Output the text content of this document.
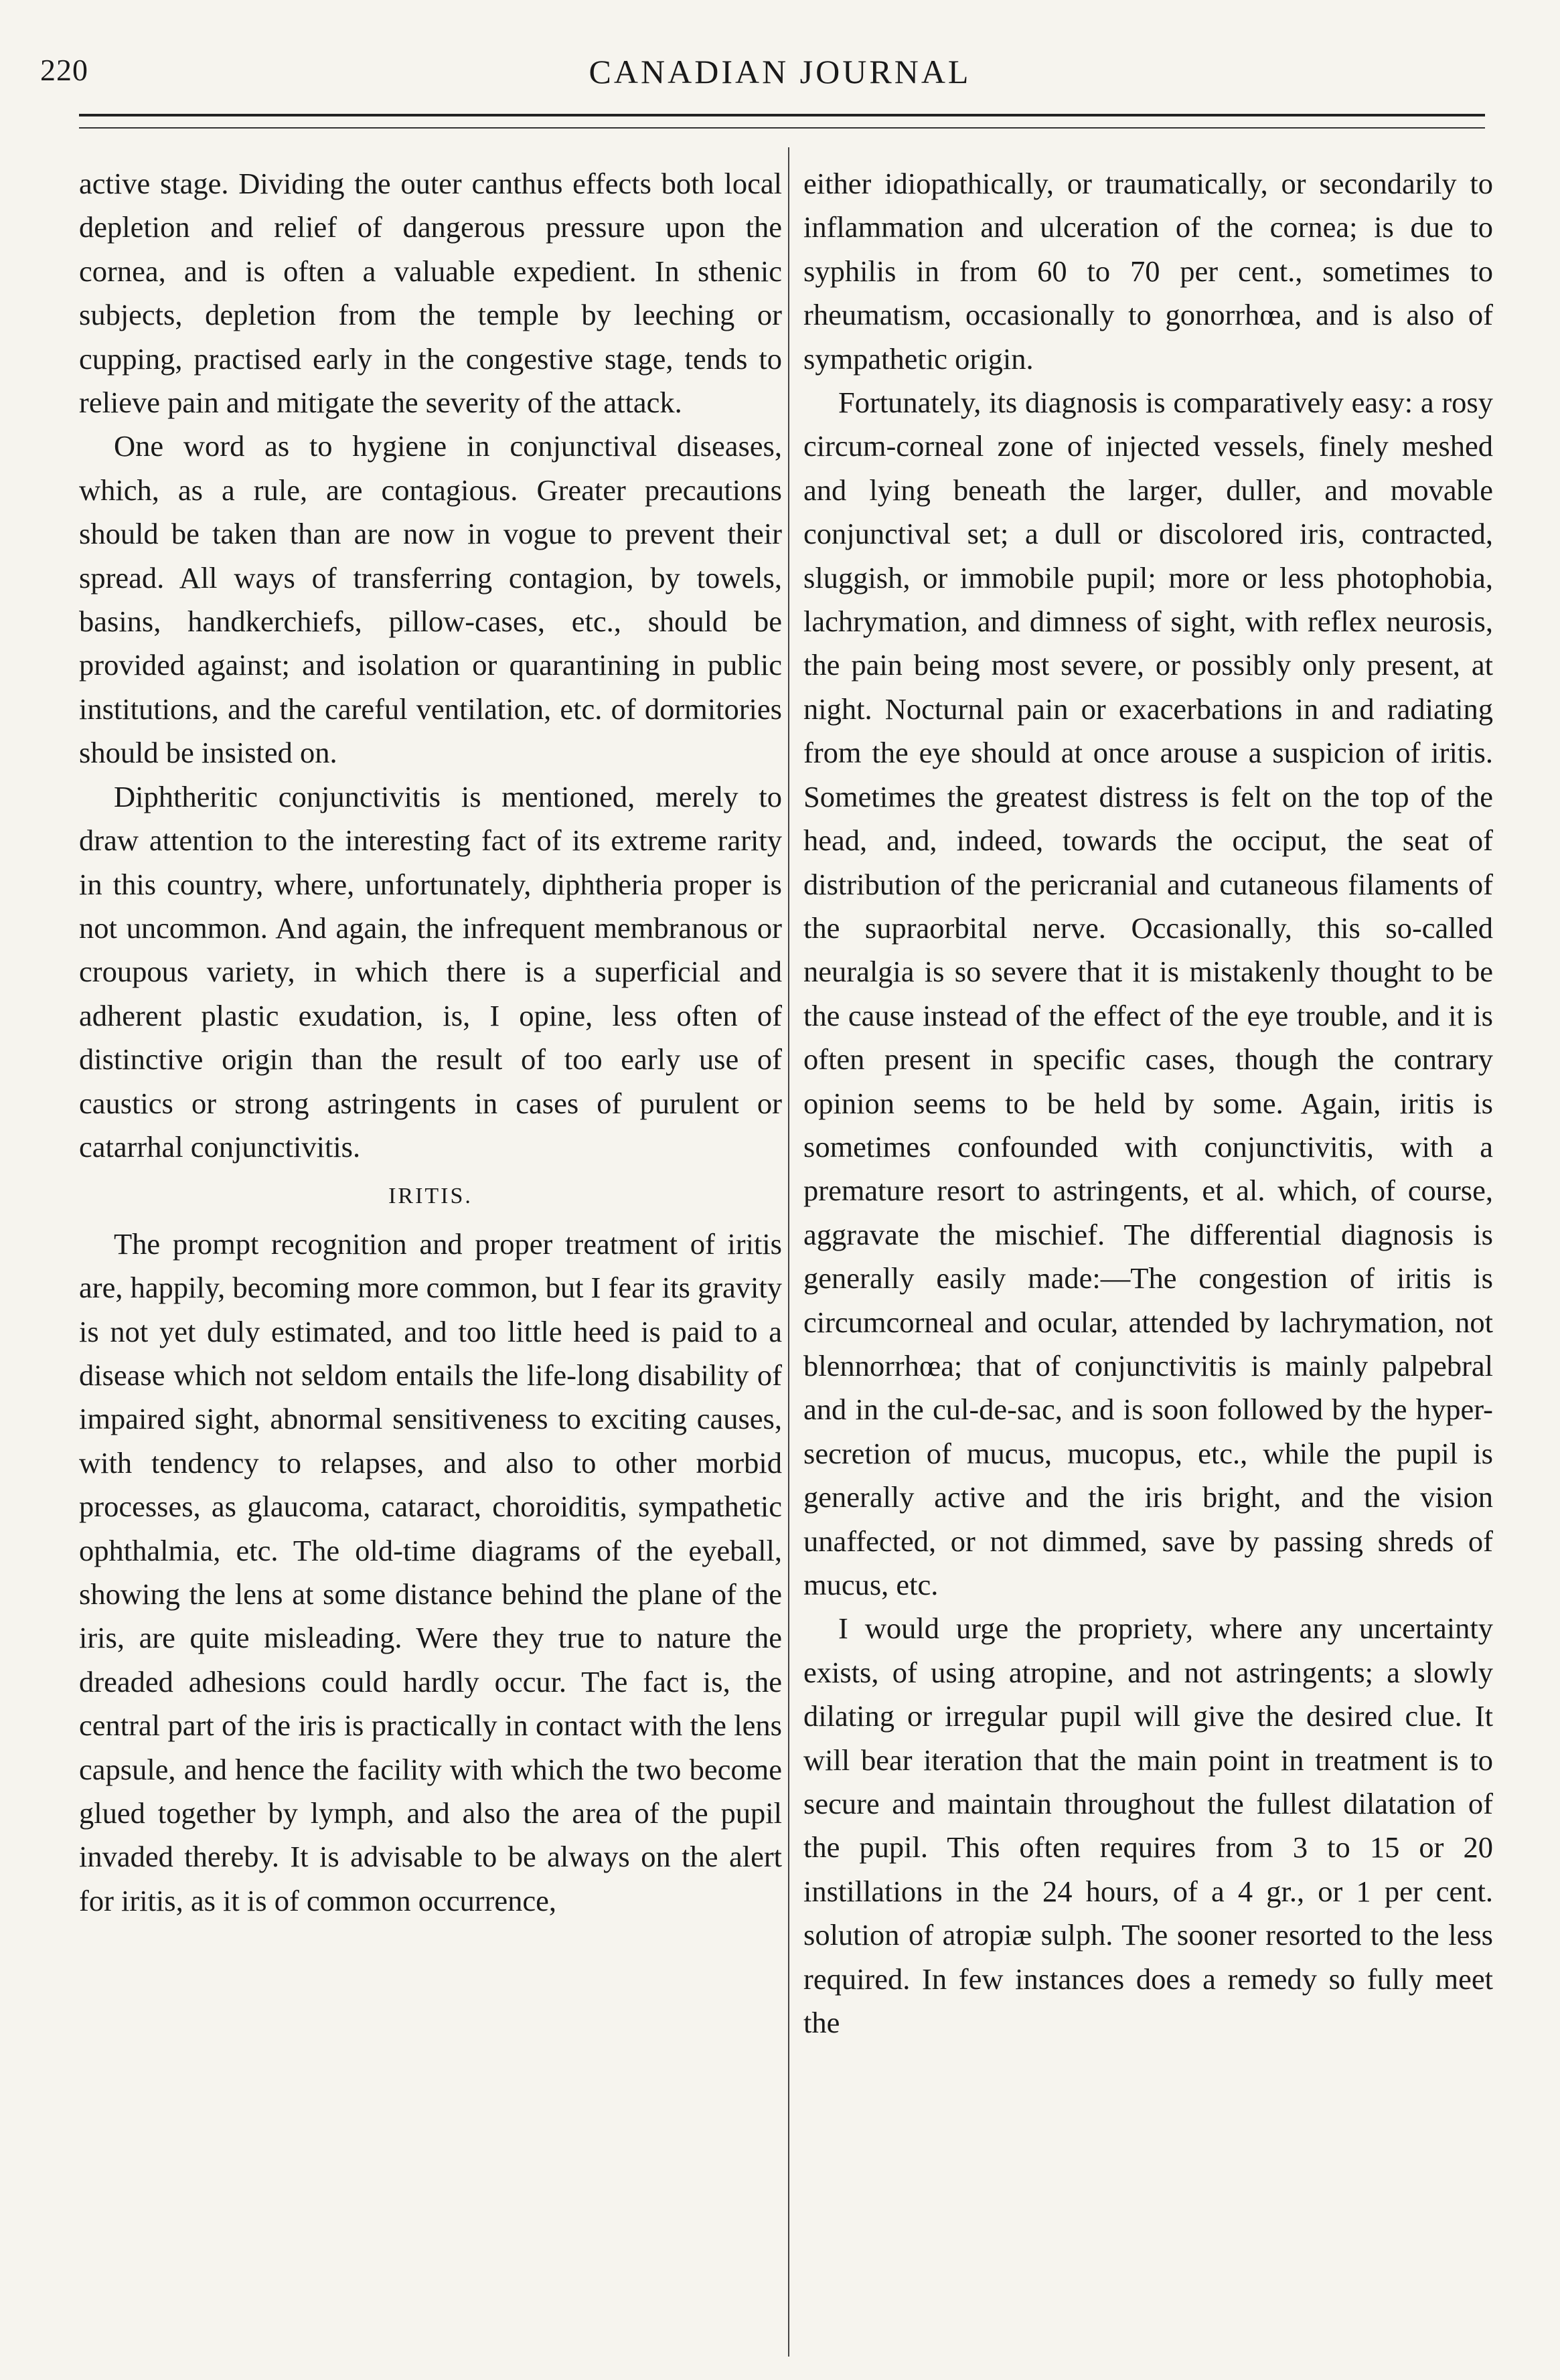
220	CANADIAN JOURNAL

active stage. Dividing the outer canthus effects both local depletion and relief of dangerous pressure upon the cornea, and is often a valuable expedient. In sthenic subjects, depletion from the temple by leeching or cupping, practised early in the congestive stage, tends to relieve pain and mitigate the severity of the attack.

One word as to hygiene in conjunctival diseases, which, as a rule, are contagious. Greater precautions should be taken than are now in vogue to prevent their spread. All ways of transferring contagion, by towels, basins, handkerchiefs, pillow-cases, etc., should be provided against; and isolation or quarantining in public institutions, and the careful ventilation, etc. of dormitories should be insisted on.

Diphtheritic conjunctivitis is mentioned, merely to draw attention to the interesting fact of its extreme rarity in this country, where, unfortunately, diphtheria proper is not uncommon. And again, the infrequent membranous or croupous variety, in which there is a superficial and adherent plastic exudation, is, I opine, less often of distinctive origin than the result of too early use of caustics or strong astringents in cases of purulent or catarrhal conjunctivitis.

IRITIS.

The prompt recognition and proper treatment of iritis are, happily, becoming more common, but I fear its gravity is not yet duly estimated, and too little heed is paid to a disease which not seldom entails the life-long disability of impaired sight, abnormal sensitiveness to exciting causes, with tendency to relapses, and also to other morbid processes, as glaucoma, cataract, choroiditis, sympathetic ophthalmia, etc. The old-time diagrams of the eyeball, showing the lens at some distance behind the plane of the iris, are quite misleading. Were they true to nature the dreaded adhesions could hardly occur. The fact is, the central part of the iris is practically in contact with the lens capsule, and hence the facility with which the two become glued together by lymph, and also the area of the pupil invaded thereby. It is advisable to be always on the alert for iritis, as it is of common occurrence,

either idiopathically, or traumatically, or secondarily to inflammation and ulceration of the cornea; is due to syphilis in from 60 to 70 per cent., sometimes to rheumatism, occasionally to gonorrhœa, and is also of sympathetic origin.

Fortunately, its diagnosis is comparatively easy: a rosy circum-corneal zone of injected vessels, finely meshed and lying beneath the larger, duller, and movable conjunctival set; a dull or discolored iris, contracted, sluggish, or immobile pupil; more or less photophobia, lachrymation, and dimness of sight, with reflex neurosis, the pain being most severe, or possibly only present, at night. Nocturnal pain or exacerbations in and radiating from the eye should at once arouse a suspicion of iritis. Sometimes the greatest distress is felt on the top of the head, and, indeed, towards the occiput, the seat of distribution of the pericranial and cutaneous filaments of the supraorbital nerve. Occasionally, this so-called neuralgia is so severe that it is mistakenly thought to be the cause instead of the effect of the eye trouble, and it is often present in specific cases, though the contrary opinion seems to be held by some. Again, iritis is sometimes confounded with conjunctivitis, with a premature resort to astringents, et al. which, of course, aggravate the mischief. The differential diagnosis is generally easily made:—The congestion of iritis is circumcorneal and ocular, attended by lachrymation, not blennorrhœa; that of conjunctivitis is mainly palpebral and in the cul-de-sac, and is soon followed by the hyper-secretion of mucus, mucopus, etc., while the pupil is generally active and the iris bright, and the vision unaffected, or not dimmed, save by passing shreds of mucus, etc.

I would urge the propriety, where any uncertainty exists, of using atropine, and not astringents; a slowly dilating or irregular pupil will give the desired clue. It will bear iteration that the main point in treatment is to secure and maintain throughout the fullest dilatation of the pupil. This often requires from 3 to 15 or 20 instillations in the 24 hours, of a 4 gr., or 1 per cent. solution of atropiæ sulph. The sooner resorted to the less required. In few instances does a remedy so fully meet the
